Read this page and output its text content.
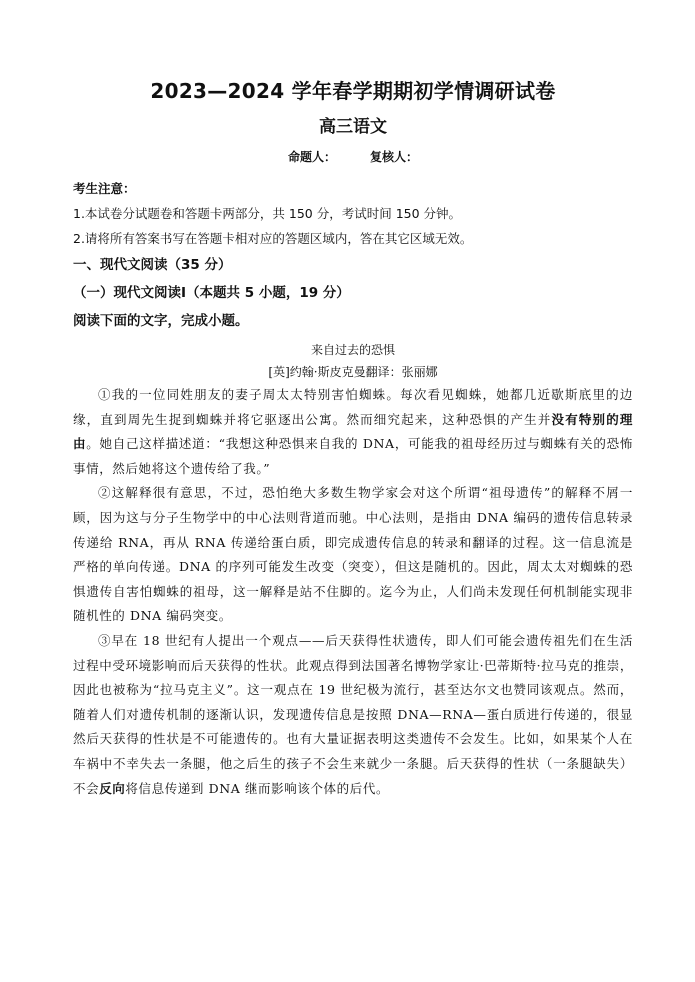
2023—2024 学年春学期期初学情调研试卷
高三语文
命题人：	复核人：

考生注意：

1.本试卷分试题卷和答题卡两部分，共 150 分，考试时间 150 分钟。

2.请将所有答案书写在答题卡相对应的答题区域内，答在其它区域无效。

一、现代文阅读（35 分）

（一）现代文阅读Ⅰ（本题共 5 小题，19 分）

阅读下面的文字，完成小题。

来自过去的恐惧

[英]约翰·斯皮克曼翻译：张丽娜

①我的一位同姓朋友的妻子周太太特别害怕蜘蛛。每次看见蜘蛛，她都几近歇斯底里的边缘，直到周先生捉到蜘蛛并将它驱逐出公寓。然而细究起来，这种恐惧的产生并没有特别的理由。她自己这样描述道：“我想这种恐惧来自我的 DNA，可能我的祖母经历过与蜘蛛有关的恐怖事情，然后她将这个遗传给了我。”

②这解释很有意思，不过，恐怕绝大多数生物学家会对这个所谓“祖母遗传”的解释不屑一顾，因为这与分子生物学中的中心法则背道而驰。中心法则，是指由 DNA 编码的遗传信息转录传递给 RNA，再从 RNA 传递给蛋白质，即完成遗传信息的转录和翻译的过程。这一信息流是严格的单向传递。DNA 的序列可能发生改变（突变），但这是随机的。因此，周太太对蜘蛛的恐惧遗传自害怕蜘蛛的祖母，这一解释是站不住脚的。迄今为止，人们尚未发现任何机制能实现非随机性的 DNA 编码突变。

③早在 18 世纪有人提出一个观点——后天获得性状遗传，即人们可能会遗传祖先们在生活过程中受环境影响而后天获得的性状。此观点得到法国著名博物学家让·巴蒂斯特·拉马克的推崇，因此也被称为“拉马克主义”。这一观点在 19 世纪极为流行，甚至达尔文也赞同该观点。然而，随着人们对遗传机制的逐渐认识，发现遗传信息是按照 DNA—RNA—蛋白质进行传递的，很显然后天获得的性状是不可能遗传的。也有大量证据表明这类遗传不会发生。比如，如果某个人在车祸中不幸失去一条腿，他之后生的孩子不会生来就少一条腿。后天获得的性状（一条腿缺失）不会反向将信息传递到 DNA 继而影响该个体的后代。
